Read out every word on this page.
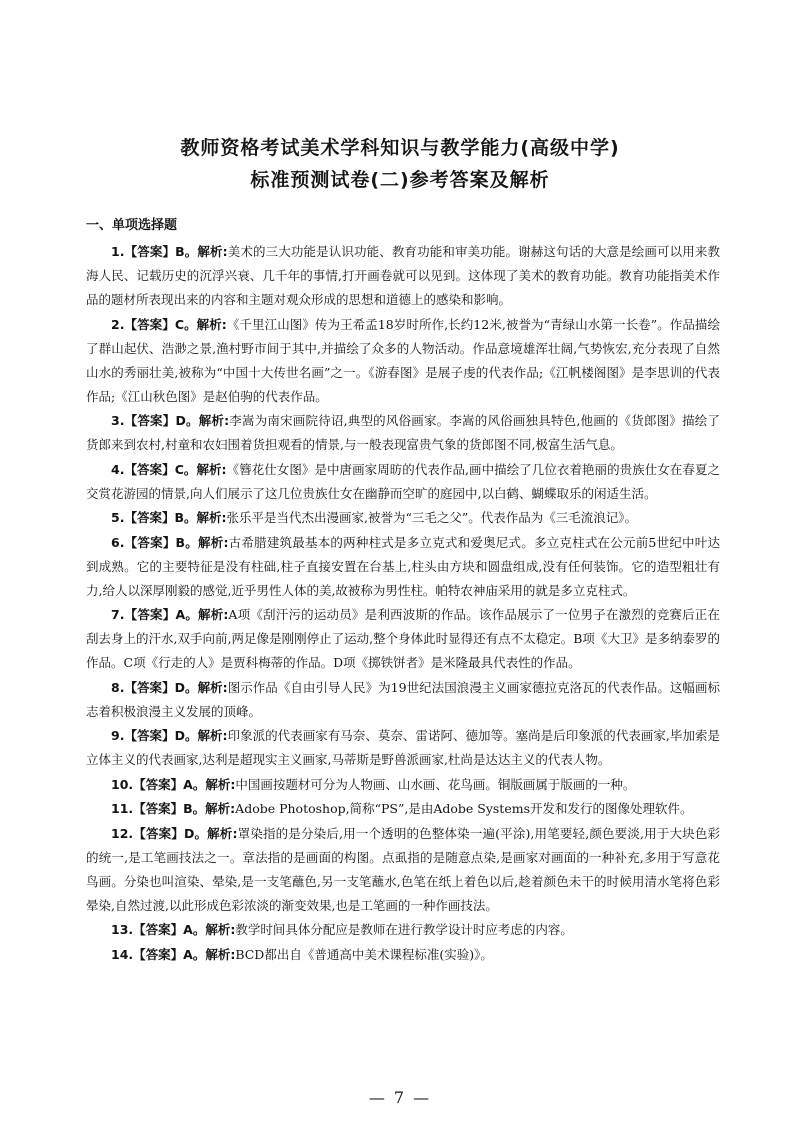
教师资格考试美术学科知识与教学能力(高级中学)
标准预测试卷(二)参考答案及解析
一、单项选择题

1.【答案】B。解析:美术的三大功能是认识功能、教育功能和审美功能。谢赫这句话的大意是绘画可以用来教海人民、记载历史的沉浮兴衰、几千年的事情,打开画卷就可以见到。这体现了美术的教育功能。教育功能指美术作品的题材所表现出来的内容和主题对观众形成的思想和道德上的感染和影响。

2.【答案】C。解析:《千里江山图》传为王希孟18岁时所作,长约12米,被誉为“青绿山水第一长卷”。作品描绘了群山起伏、浩渺之景,渔村野市间于其中,并描绘了众多的人物活动。作品意境雄浑壮阔,气势恢宏,充分表现了自然山水的秀丽壮美,被称为“中国十大传世名画”之一。《游春图》是展子虔的代表作品;《江帆楼阁图》是李思训的代表作品;《江山秋色图》是赵伯驹的代表作品。

3.【答案】D。解析:李嵩为南宋画院待诏,典型的风俗画家。李嵩的风俗画独具特色,他画的《货郎图》描绘了货郎来到农村,村童和农妇围着货担观看的情景,与一般表现富贵气象的货郎图不同,极富生活气息。

4.【答案】C。解析:《簪花仕女图》是中唐画家周昉的代表作品,画中描绘了几位衣着艳丽的贵族仕女在春夏之交赏花游园的情景,向人们展示了这几位贵族仕女在幽静而空旷的庭园中,以白鹤、蝴蝶取乐的闲适生活。

5.【答案】B。解析:张乐平是当代杰出漫画家,被誉为“三毛之父”。代表作品为《三毛流浪记》。

6.【答案】B。解析:古希腊建筑最基本的两种柱式是多立克式和爱奥尼式。多立克柱式在公元前5世纪中叶达到成熟。它的主要特征是没有柱础,柱子直接安置在台基上,柱头由方块和圆盘组成,没有任何装饰。它的造型粗壮有力,给人以深厚刚毅的感觉,近乎男性人体的美,故被称为男性柱。帕特农神庙采用的就是多立克柱式。

7.【答案】A。解析:A项《刮汗污的运动员》是利西波斯的作品。该作品展示了一位男子在激烈的竞赛后正在刮去身上的汗水,双手向前,两足像是刚刚停止了运动,整个身体此时显得还有点不太稳定。B项《大卫》是多纳泰罗的作品。C项《行走的人》是贾科梅蒂的作品。D项《掷铁饼者》是米隆最具代表性的作品。

8.【答案】D。解析:图示作品《自由引导人民》为19世纪法国浪漫主义画家德拉克洛瓦的代表作品。这幅画标志着积极浪漫主义发展的顶峰。

9.【答案】D。解析:印象派的代表画家有马奈、莫奈、雷诺阿、德加等。塞尚是后印象派的代表画家,毕加索是立体主义的代表画家,达利是超现实主义画家,马蒂斯是野兽派画家,杜尚是达达主义的代表人物。

10.【答案】A。解析:中国画按题材可分为人物画、山水画、花鸟画。铜版画属于版画的一种。

11.【答案】B。解析:Adobe Photoshop,简称“PS”,是由Adobe Systems开发和发行的图像处理软件。

12.【答案】D。解析:罩染指的是分染后,用一个透明的色整体染一遍(平涂),用笔要轻,颜色要淡,用于大块色彩的统一,是工笔画技法之一。章法指的是画面的构图。点虱指的是随意点染,是画家对画面的一种补充,多用于写意花鸟画。分染也叫渲染、晕染,是一支笔蘸色,另一支笔蘸水,色笔在纸上着色以后,趁着颜色未干的时候用清水笔将色彩晕染,自然过渡,以此形成色彩浓淡的渐变效果,也是工笔画的一种作画技法。

13.【答案】A。解析:教学时间具体分配应是教师在进行教学设计时应考虑的内容。

14.【答案】A。解析:BCD都出自《普通高中美术课程标准(实验)》。

— 7 —
